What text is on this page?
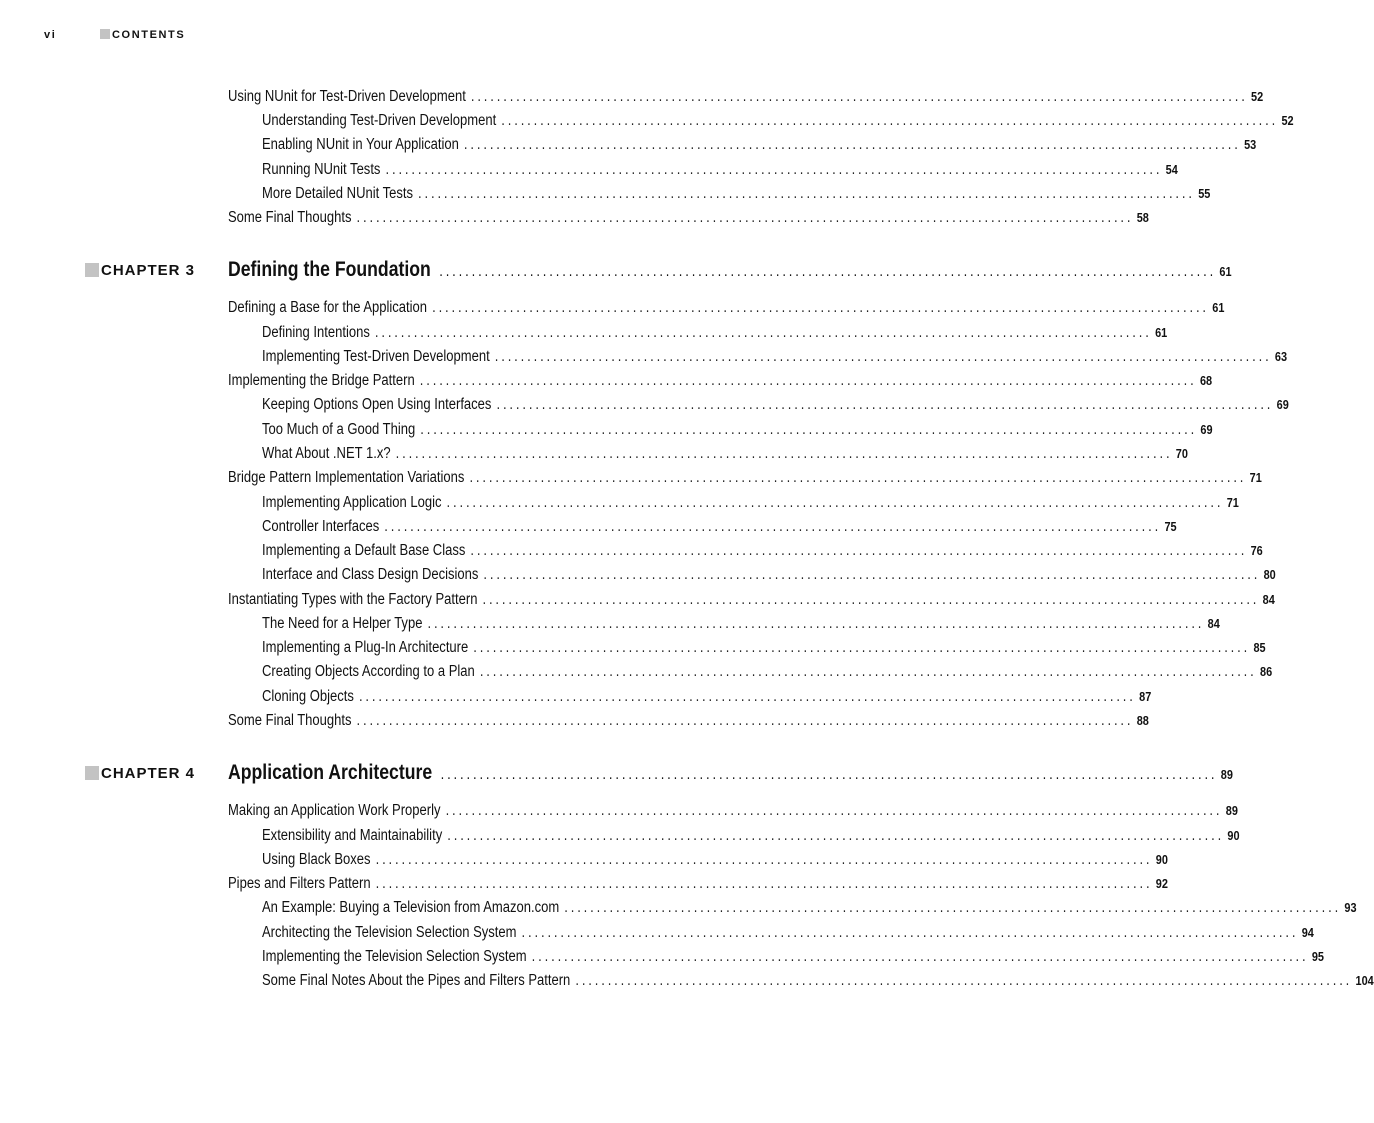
vi	CONTENTS
Using NUnit for Test-Driven Development ........................................................................................................................ 52
Understanding Test-Driven Development ........................................................................................................................ 52
Enabling NUnit in Your Application ........................................................................................................................ 53
Running NUnit Tests ........................................................................................................................ 54
More Detailed NUnit Tests ........................................................................................................................ 55
Some Final Thoughts ........................................................................................................................ 58
CHAPTER 3 Defining the Foundation ........................................................................................................................ 61
Defining a Base for the Application ........................................................................................................................ 61
Defining Intentions ........................................................................................................................ 61
Implementing Test-Driven Development ........................................................................................................................ 63
Implementing the Bridge Pattern ........................................................................................................................ 68
Keeping Options Open Using Interfaces ........................................................................................................................ 69
Too Much of a Good Thing ........................................................................................................................ 69
What About .NET 1.x? ........................................................................................................................ 70
Bridge Pattern Implementation Variations ........................................................................................................................ 71
Implementing Application Logic ........................................................................................................................ 71
Controller Interfaces ........................................................................................................................ 75
Implementing a Default Base Class ........................................................................................................................ 76
Interface and Class Design Decisions ........................................................................................................................ 80
Instantiating Types with the Factory Pattern ........................................................................................................................ 84
The Need for a Helper Type ........................................................................................................................ 84
Implementing a Plug-In Architecture ........................................................................................................................ 85
Creating Objects According to a Plan ........................................................................................................................ 86
Cloning Objects ........................................................................................................................ 87
Some Final Thoughts ........................................................................................................................ 88
CHAPTER 4 Application Architecture ........................................................................................................................ 89
Making an Application Work Properly ........................................................................................................................ 89
Extensibility and Maintainability ........................................................................................................................ 90
Using Black Boxes ........................................................................................................................ 90
Pipes and Filters Pattern ........................................................................................................................ 92
An Example: Buying a Television from Amazon.com ........................................................................................................................ 93
Architecting the Television Selection System ........................................................................................................................ 94
Implementing the Television Selection System ........................................................................................................................ 95
Some Final Notes About the Pipes and Filters Pattern ........................................................................................................................ 104
